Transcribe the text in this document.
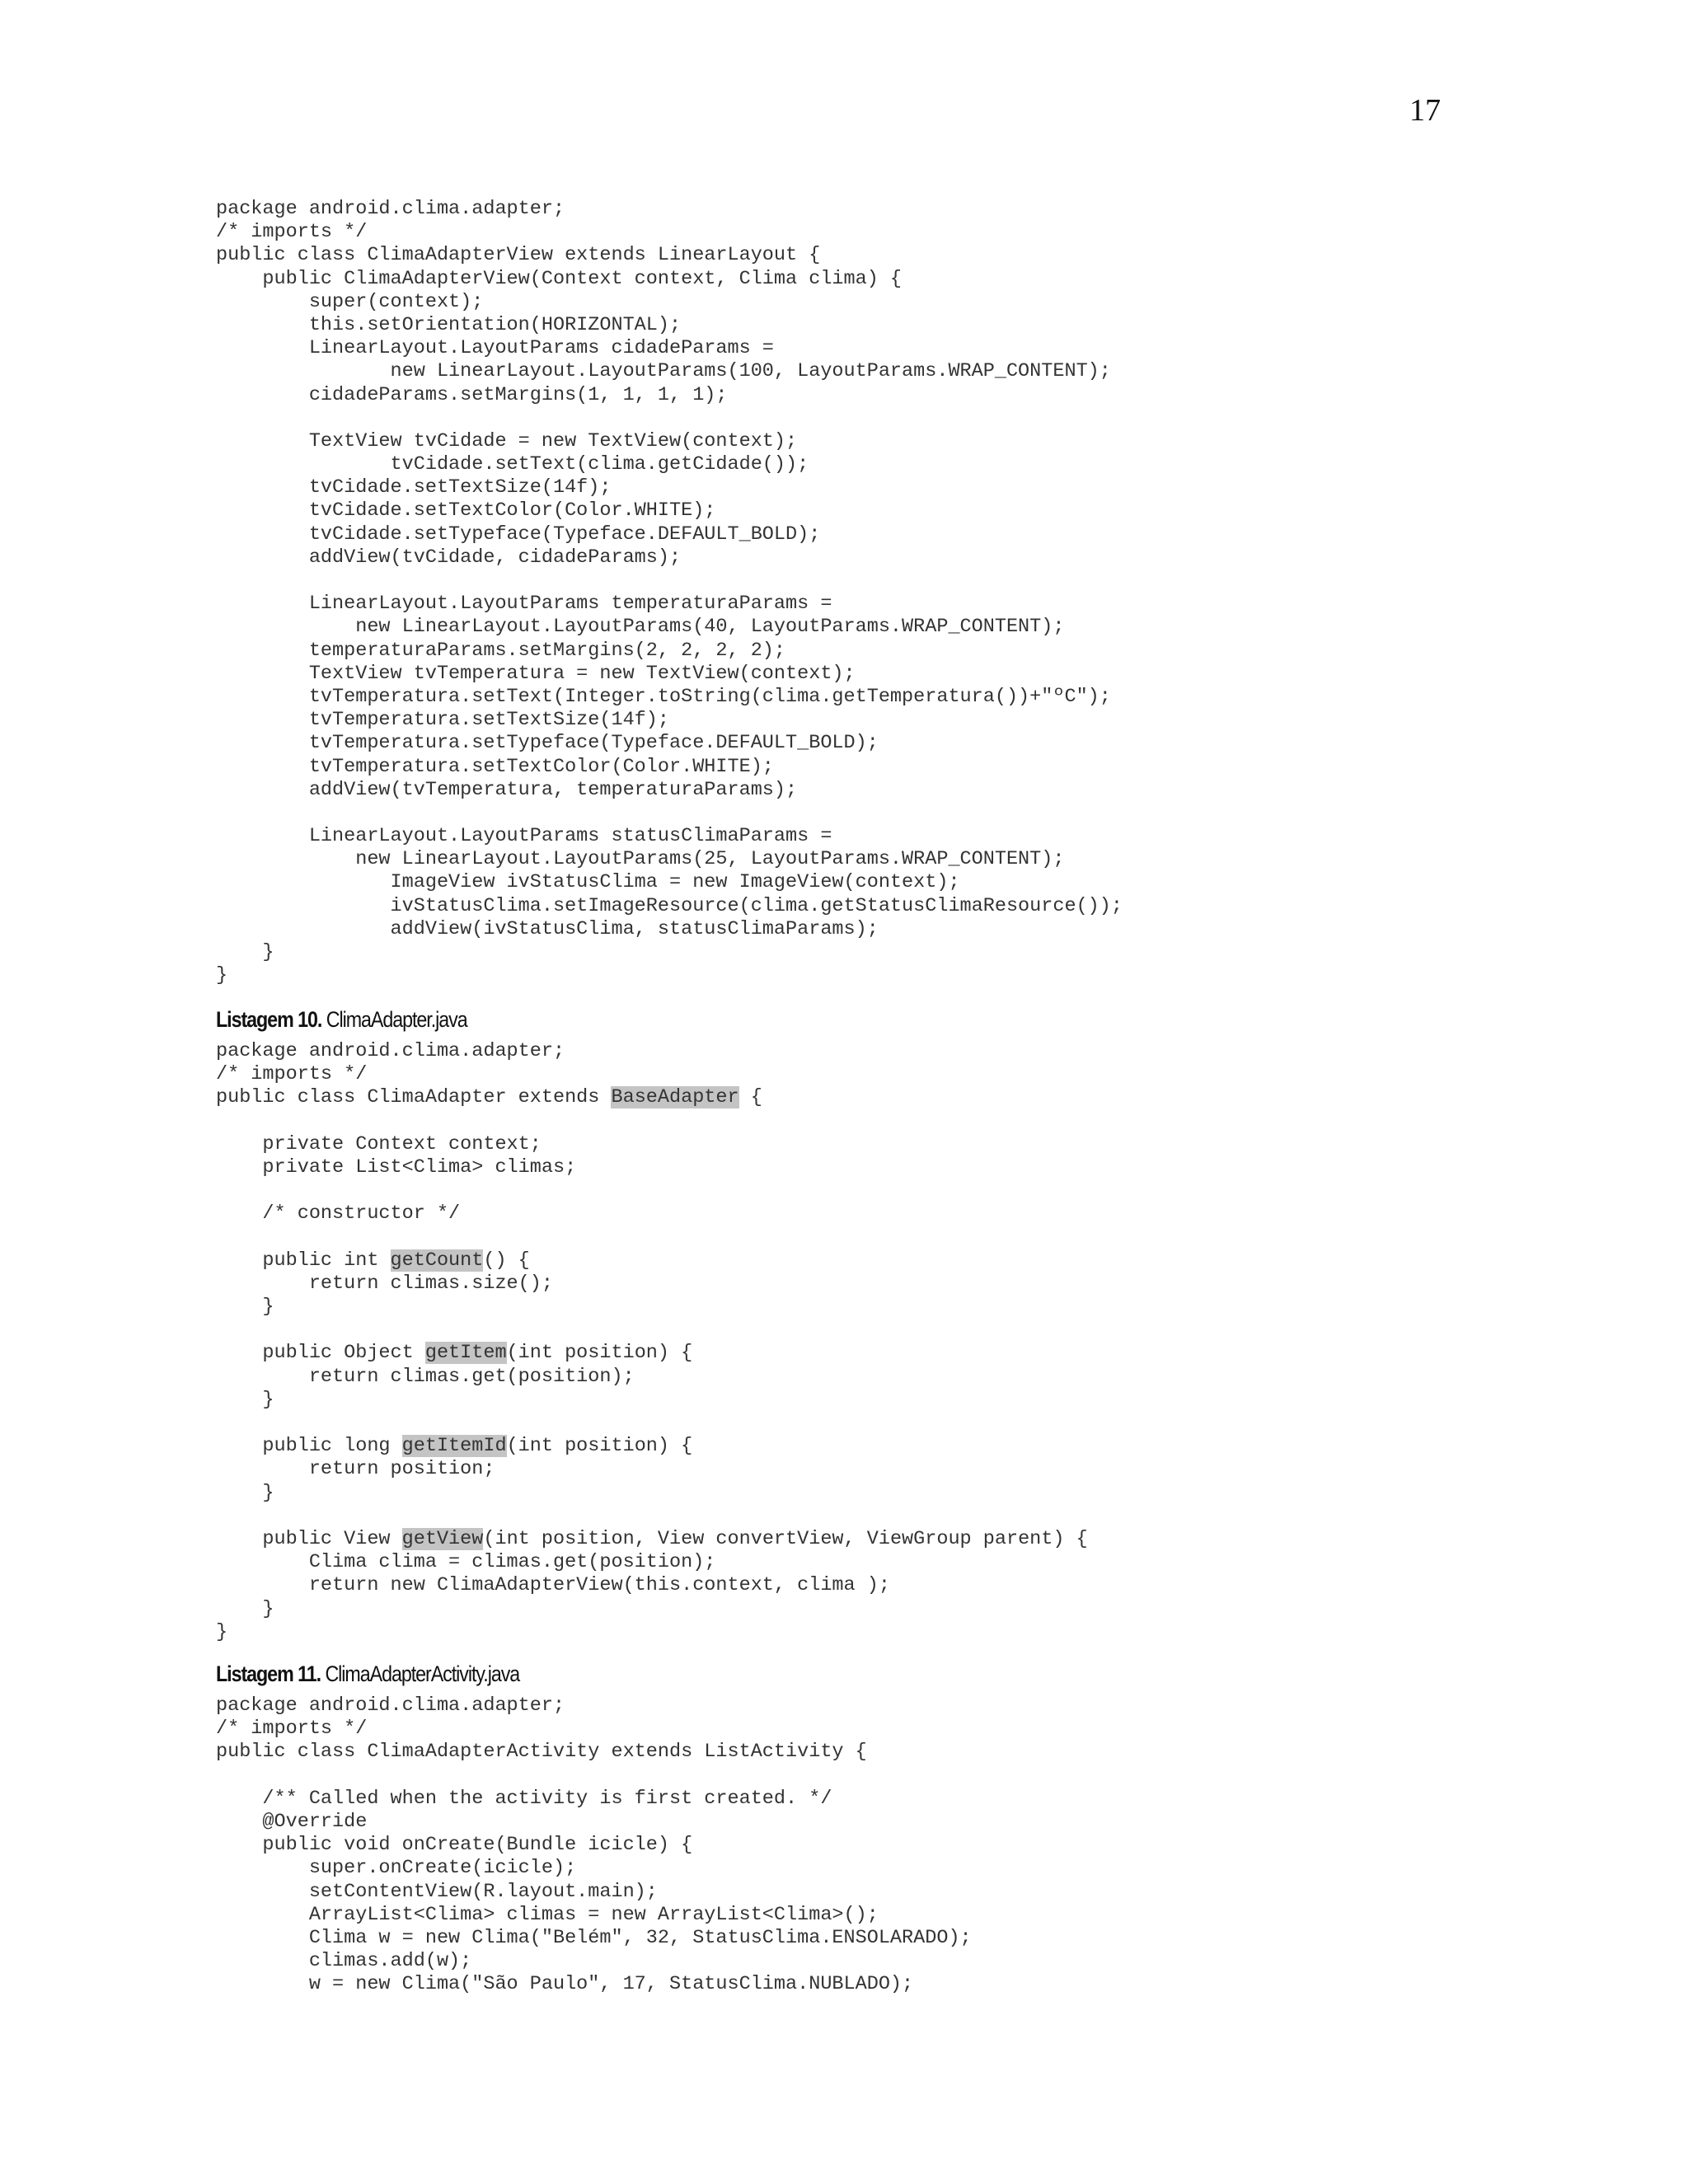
17
package android.clima.adapter;
/* imports */
public class ClimaAdapterView extends LinearLayout {
public ClimaAdapterView(Context context, Clima clima) {
super(context);
this.setOrientation(HORIZONTAL);
LinearLayout.LayoutParams cidadeParams =
new LinearLayout.LayoutParams(100, LayoutParams.WRAP_CONTENT);
cidadeParams.setMargins(1, 1, 1, 1);

TextView tvCidade = new TextView(context);
tvCidade.setText(clima.getCidade());
tvCidade.setTextSize(14f);
tvCidade.setTextColor(Color.WHITE);
tvCidade.setTypeface(Typeface.DEFAULT_BOLD);
addView(tvCidade, cidadeParams);

LinearLayout.LayoutParams temperaturaParams =
new LinearLayout.LayoutParams(40, LayoutParams.WRAP_CONTENT);
temperaturaParams.setMargins(2, 2, 2, 2);
TextView tvTemperatura = new TextView(context);
tvTemperatura.setText(Integer.toString(clima.getTemperatura())+"ºC");
tvTemperatura.setTextSize(14f);
tvTemperatura.setTypeface(Typeface.DEFAULT_BOLD);
tvTemperatura.setTextColor(Color.WHITE);
addView(tvTemperatura, temperaturaParams);

LinearLayout.LayoutParams statusClimaParams =
new LinearLayout.LayoutParams(25, LayoutParams.WRAP_CONTENT);
ImageView ivStatusClima = new ImageView(context);
ivStatusClima.setImageResource(clima.getStatusClimaResource());
addView(ivStatusClima, statusClimaParams);
}
}
Listagem 10. ClimaAdapter.java
package android.clima.adapter;
/* imports */
public class ClimaAdapter extends BaseAdapter {

private Context context;
private List<Clima> climas;

/* constructor */

public int getCount() {
return climas.size();
}

public Object getItem(int position) {
return climas.get(position);
}

public long getItemId(int position) {
return position;
}

public View getView(int position, View convertView, ViewGroup parent) {
Clima clima = climas.get(position);
return new ClimaAdapterView(this.context, clima );
}
}
Listagem 11. ClimaAdapterActivity.java
package android.clima.adapter;
/* imports */
public class ClimaAdapterActivity extends ListActivity {

/** Called when the activity is first created. */
@Override
public void onCreate(Bundle icicle) {
super.onCreate(icicle);
setContentView(R.layout.main);
ArrayList<Clima> climas = new ArrayList<Clima>();
Clima w = new Clima("Belém", 32, StatusClima.ENSOLARADO);
climas.add(w);
w = new Clima("São Paulo", 17, StatusClima.NUBLADO);
